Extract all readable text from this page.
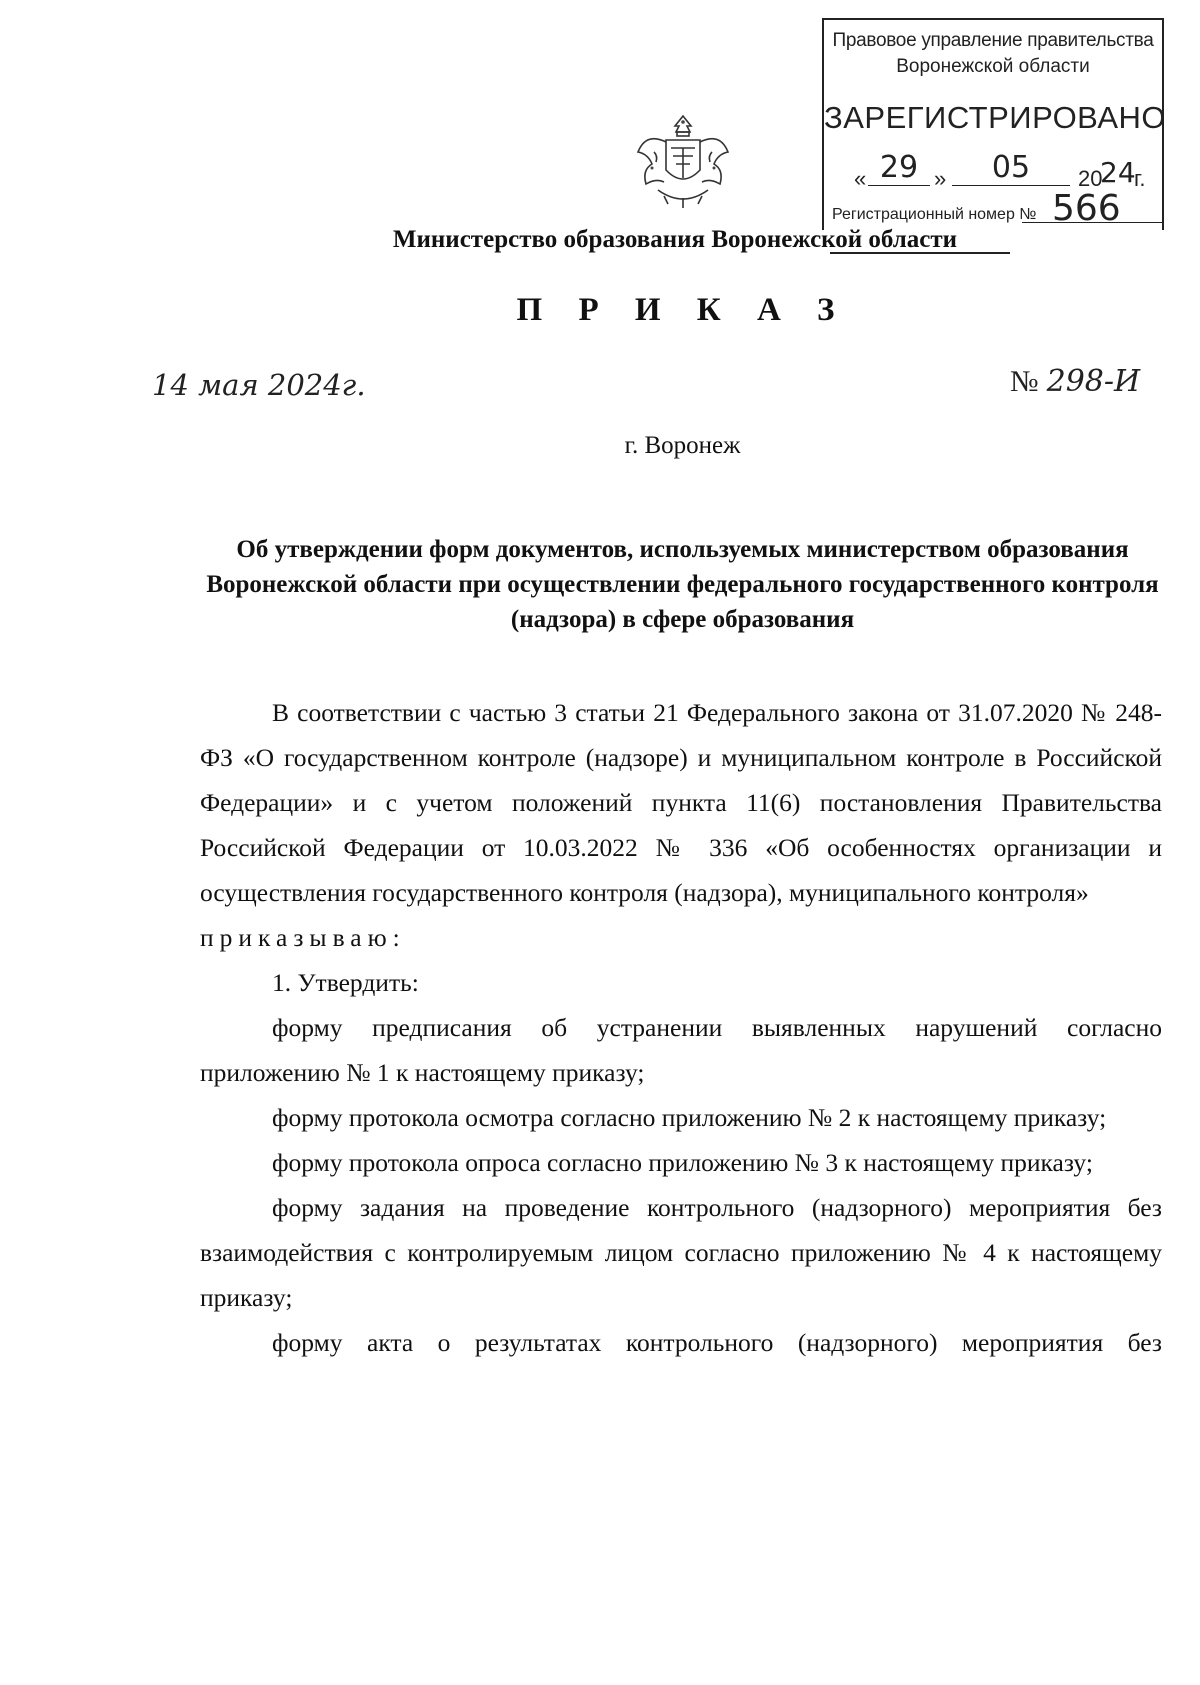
Правовое управление правительства
Воронежской области
ЗАРЕГИСТРИРОВАНО
« 29 »	05	20
24
г.
Регистрационный номер № 566
Министерство образования Воронежской области
П Р И К А З
14 мая 2024г.	№ 298-И
г. Воронеж
Об утверждении форм документов, используемых министерством образования Воронежской области при осуществлении федерального государственного контроля (надзора) в сфере образования

В соответствии с частью 3 статьи 21 Федерального закона от 31.07.2020 № 248-ФЗ «О государственном контроле (надзоре) и муниципальном контроле в Российской Федерации» и с учетом положений пункта 11(6) постановления Правительства Российской Федерации от 10.03.2022 № 336 «Об особенностях организации и осуществления государственного контроля (надзора), муниципального контроля»

приказываю:

1. Утвердить:

форму предписания об устранении выявленных нарушений согласно приложению № 1 к настоящему приказу;

форму протокола осмотра согласно приложению № 2 к настоящему приказу;

форму протокола опроса согласно приложению № 3 к настоящему приказу;

форму задания на проведение контрольного (надзорного) мероприятия без взаимодействия с контролируемым лицом согласно приложению № 4 к настоящему приказу;

форму акта о результатах контрольного (надзорного) мероприятия без
